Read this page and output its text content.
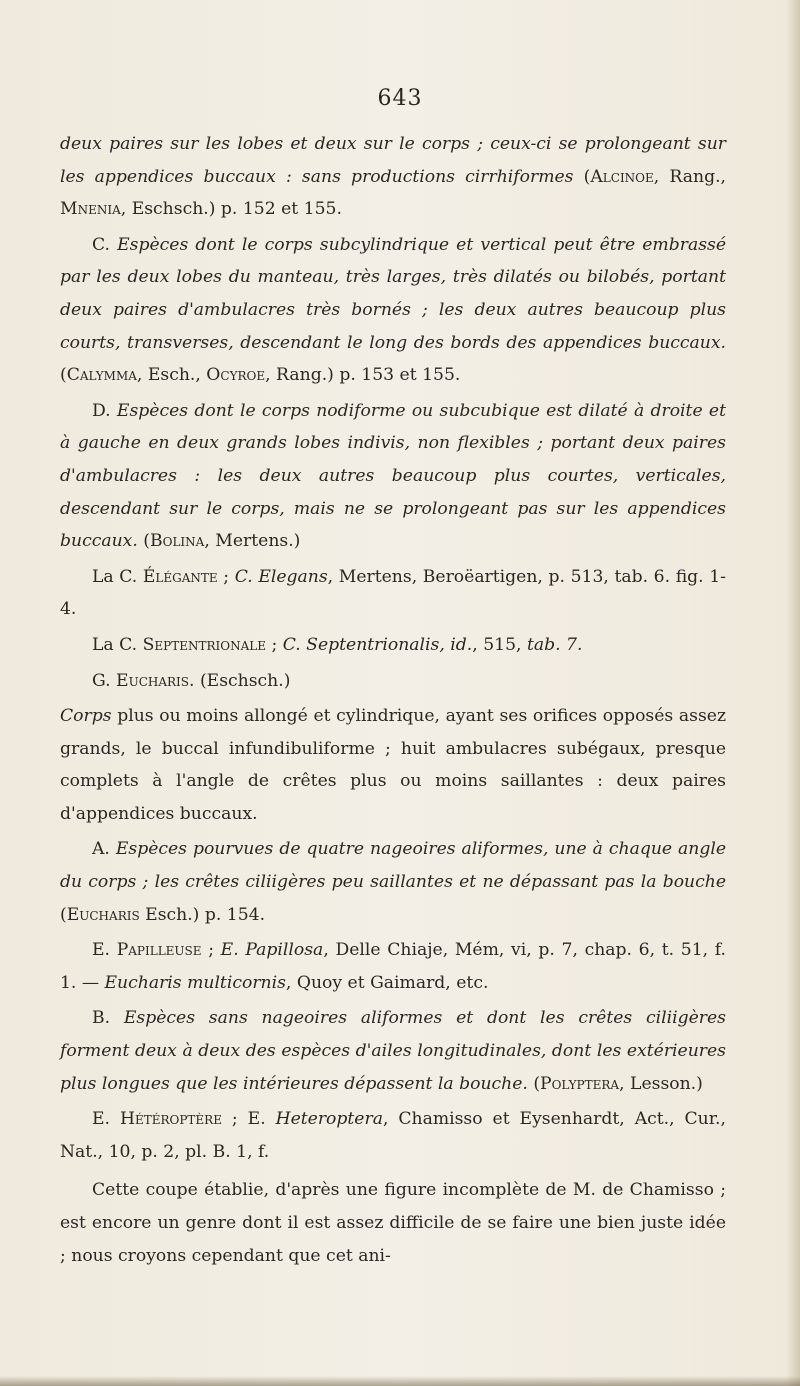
643

deux paires sur les lobes et deux sur le corps ; ceux-ci se prolongeant sur les appendices buccaux : sans productions cirrhiformes (Alcinoe, Rang., Mnenia, Eschsch.) p. 152 et 155.

C. Espèces dont le corps subcylindrique et vertical peut être embrassé par les deux lobes du manteau, très larges, très dilatés ou bilobés, portant deux paires d'ambulacres très bornés ; les deux autres beaucoup plus courts, transverses, descendant le long des bords des appendices buccaux. (Calymma, Esch., Ocyroe, Rang.) p. 153 et 155.

D. Espèces dont le corps nodiforme ou subcubique est dilaté à droite et à gauche en deux grands lobes indivis, non flexibles ; portant deux paires d'ambulacres : les deux autres beaucoup plus courtes, verticales, descendant sur le corps, mais ne se prolongeant pas sur les appendices buccaux. (Bolina, Mertens.)

La C. Élégante ; C. Elegans, Mertens, Beroëartigen, p. 513, tab. 6. fig. 1-4.

La C. Septentrionale ; C. Septentrionalis, id., 515, tab. 7.

G. Eucharis. (Eschsch.)

Corps plus ou moins allongé et cylindrique, ayant ses orifices opposés assez grands, le buccal infundibuliforme ; huit ambulacres subégaux, presque complets à l'angle de crêtes plus ou moins saillantes : deux paires d'appendices buccaux.

A. Espèces pourvues de quatre nageoires aliformes, une à chaque angle du corps ; les crêtes ciliigères peu saillantes et ne dépassant pas la bouche (Eucharis Esch.) p. 154.

E. Papilleuse ; E. Papillosa, Delle Chiaje, Mém, vi, p. 7, chap. 6, t. 51, f. 1. — Eucharis multicornis, Quoy et Gaimard, etc.

B. Espèces sans nageoires aliformes et dont les crêtes ciliigères forment deux à deux des espèces d'ailes longitudinales, dont les extérieures plus longues que les intérieures dépassent la bouche. (Polyptera, Lesson.)

E. Hétéroptère ; E. Heteroptera, Chamisso et Eysenhardt, Act., Cur., Nat., 10, p. 2, pl. B. 1, f.

Cette coupe établie, d'après une figure incomplète de M. de Chamisso ; est encore un genre dont il est assez difficile de se faire une bien juste idée ; nous croyons cependant que cet ani-
